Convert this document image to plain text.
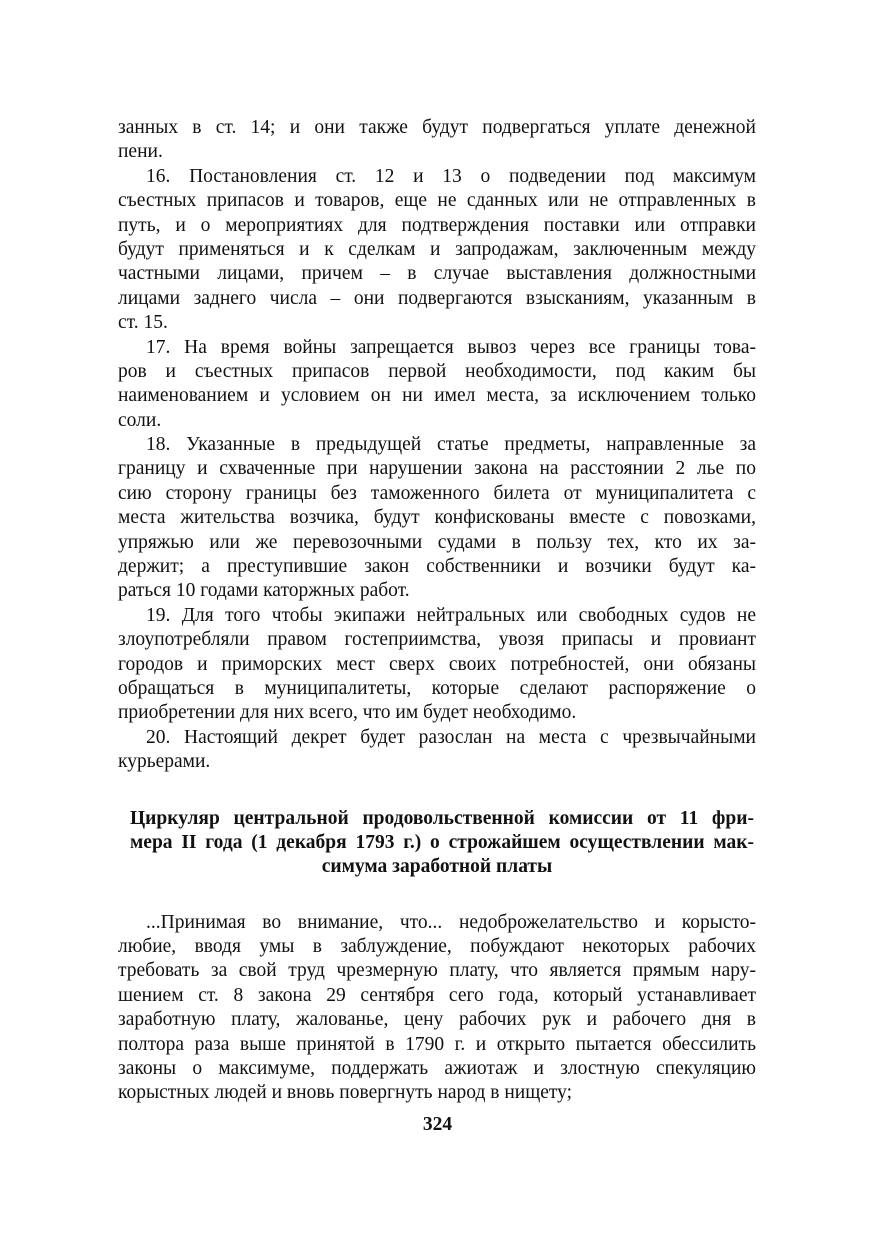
занных в ст. 14; и они также будут подвергаться уплате денежной
пени.
16. Постановления ст. 12 и 13 о подведении под максимум
съестных припасов и товаров, еще не сданных или не отправленных в
путь, и о мероприятиях для подтверждения поставки или отправки
будут применяться и к сделкам и запродажам, заключенным между
частными лицами, причем – в случае выставления должностными
лицами заднего числа – они подвергаются взысканиям, указанным в
ст. 15.
17. На время войны запрещается вывоз через все границы това-
ров и съестных припасов первой необходимости, под каким бы
наименованием и условием он ни имел места, за исключением только
соли.
18. Указанные в предыдущей статье предметы, направленные за
границу и схваченные при нарушении закона на расстоянии 2 лье по
сию сторону границы без таможенного билета от муниципалитета с
места жительства возчика, будут конфискованы вместе с повозками,
упряжью или же перевозочными судами в пользу тех, кто их за-
держит; а преступившие закон собственники и возчики будут ка-
раться 10 годами каторжных работ.
19. Для того чтобы экипажи нейтральных или свободных судов не
злоупотребляли правом гостеприимства, увозя припасы и провиант
городов и приморских мест сверх своих потребностей, они обязаны
обращаться в муниципалитеты, которые сделают распоряжение о
приобретении для них всего, что им будет необходимо.
20. Настоящий декрет будет разослан на места с чрезвычайными
курьерами.
Циркуляр центральной продовольственной комиссии от 11 фри-
мера II года (1 декабря 1793 г.) о строжайшем осуществлении мак-
симума заработной платы
...Принимая во внимание, что... недоброжелательство и корысто-
любие, вводя умы в заблуждение, побуждают некоторых рабочих
требовать за свой труд чрезмерную плату, что является прямым нару-
шением ст. 8 закона 29 сентября сего года, который устанавливает
заработную плату, жалованье, цену рабочих рук и рабочего дня в
полтора раза выше принятой в 1790 г. и открыто пытается обессилить
законы о максимуме, поддержать ажиотаж и злостную спекуляцию
корыстных людей и вновь повергнуть народ в нищету;
324
